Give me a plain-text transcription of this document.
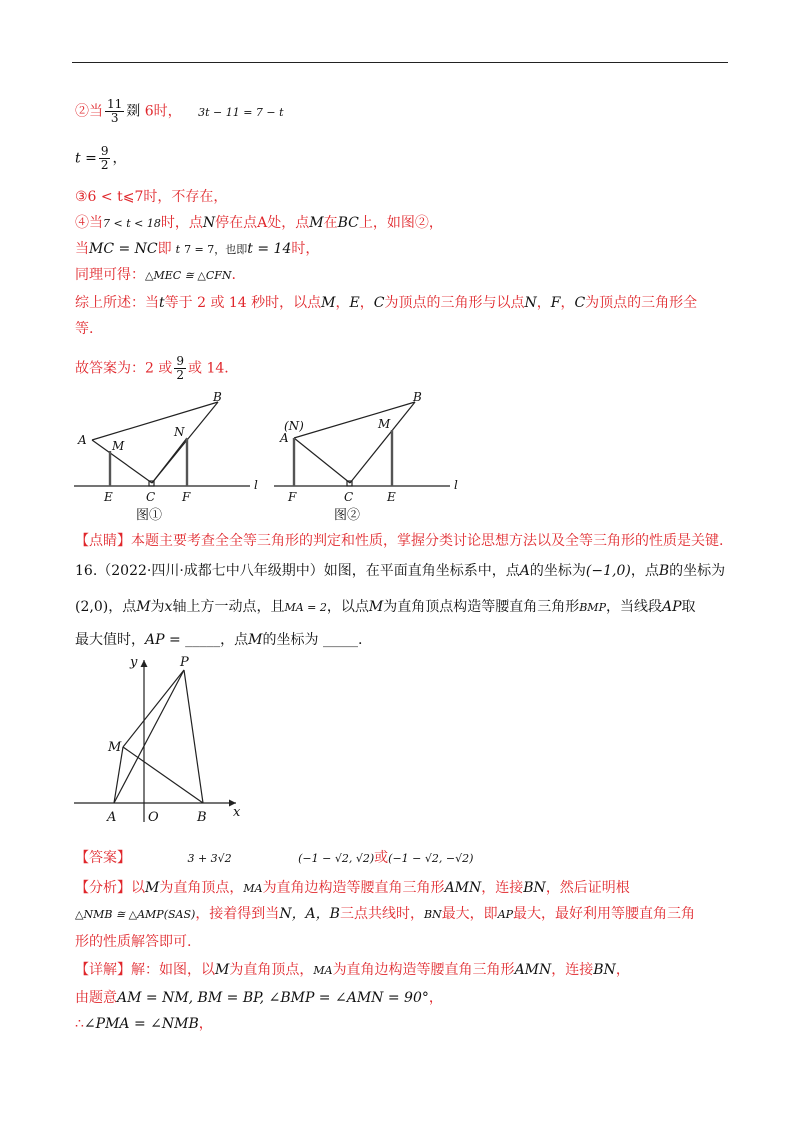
②当 $\frac{11}{3}$ 剟 6时， 3t − 11 = 7 − t
$t = \frac{9}{2}$ ，
③6 < t⩽7时，不存在，
④当7 < t < 18时，点N停在点A处，点M在BC上，如图②，
当MC = NC即 t 7 = 7，也即t = 14时，
同理可得：△MEC ≅ △CFN.
综上所述：当t等于 2 或 14 秒时，以点M，E，C为顶点的三角形与以点N，F，C为顶点的三角形全
等.
故答案为：2 或 $\frac{9}{2}$ 或 14.
A M
N
B
E	C F
l
图①
(N)
A
M
B
F	C	E
l
图②
【点睛】本题主要考查全全等三角形的判定和性质，掌握分类讨论思想方法以及全等三角形的性质是关键.
16.（2022·四川·成都七中八年级期中）如图，在平面直角坐标系中，点A的坐标为(−1,0)，点B的坐标为
(2,0)，点M为x轴上方一动点，且MA = 2，以点M为直角顶点构造等腰直角三角形BMP，当线段AP取
最大值时，AP = _____，点M的坐标为 _____.
y	P
M
A O	B x
【答案】	3 + 3√2	(−1 − √2, √2)或(−1 − √2, −√2)
【分析】以M为直角顶点，MA为直角边构造等腰直角三角形AMN，连接BN，然后证明根
△NMB ≅ △AMP(SAS)，接着得到当N，A，B三点共线时，BN最大，即AP最大，最好利用等腰直角三角
形的性质解答即可.
【详解】解：如图，以M为直角顶点，MA为直角边构造等腰直角三角形AMN，连接BN，
由题意AM = NM, BM = BP, ∠BMP = ∠AMN = 90°，
∴∠PMA = ∠NMB，
